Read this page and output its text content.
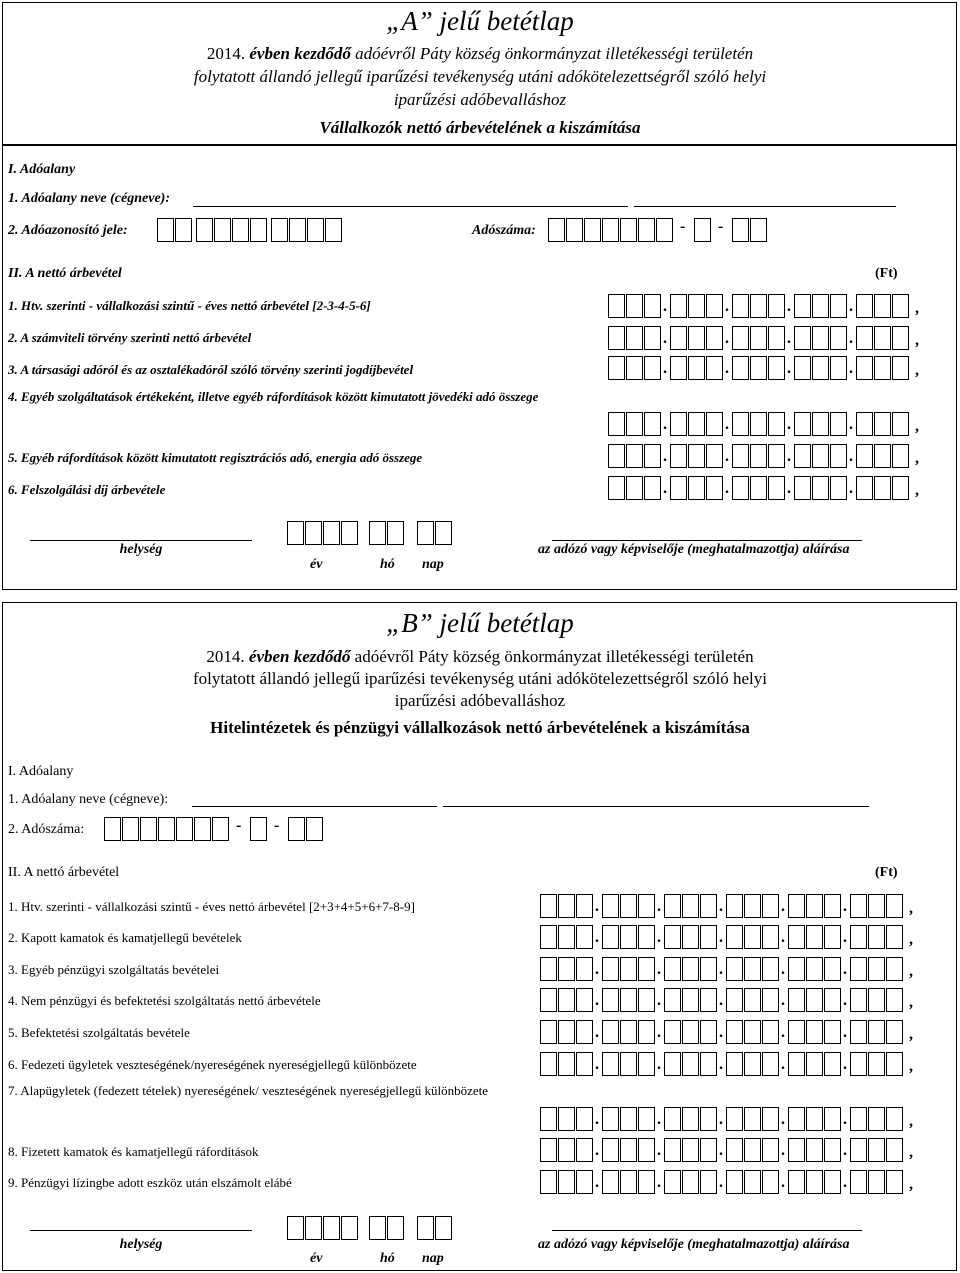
„A” jelű betétlap
2014. évben kezdődő adóévről Páty község önkormányzat illetékességi területén
folytatott állandó jellegű iparűzési tevékenység utáni adókötelezettségről szóló helyi
iparűzési adóbevalláshoz
Vállalkozók nettó árbevételének a kiszámítása
I. Adóalany
1. Adóalany neve (cégneve):
2. Adóazonosító jele:	Adószáma:	- -
II. A nettó árbevétel	(Ft)
1. Htv. szerinti - vállalkozási szintű - éves nettó árbevétel [2-3-4-5-6]	.	.	.	.	,
2. A számviteli törvény szerinti nettó árbevétel	.	.	.	.	,
3. A társasági adóról és az osztalékadóról szóló törvény szerinti jogdíjbevétel	.	.	.	.	,
4. Egyéb szolgáltatások értékeként, illetve egyéb ráfordítások között kimutatott jövedéki adó összege
.	.	.	.	,
5. Egyéb ráfordítások között kimutatott regisztrációs adó, energia adó összege	.	.	.	.	,
6. Felszolgálási díj árbevétele	.	.	.	.	,
helység
év	hó nap
az adózó vagy képviselője (meghatalmazottja) aláírása
„B” jelű betétlap
2014. évben kezdődő adóévről Páty község önkormányzat illetékességi területén
folytatott állandó jellegű iparűzési tevékenység utáni adókötelezettségről szóló helyi
iparűzési adóbevalláshoz
Hitelintézetek és pénzügyi vállalkozások nettó árbevételének a kiszámítása
I. Adóalany
1. Adóalany neve (cégneve):
2. Adószáma:	- -
II. A nettó árbevétel	(Ft)
1. Htv. szerinti - vállalkozási szintű - éves nettó árbevétel [2+3+4+5+6+7-8-9]	.	.	.	.	.	,
2. Kapott kamatok és kamatjellegű bevételek	.	.	.	.	.	,
3. Egyéb pénzügyi szolgáltatás bevételei	.	.	.	.	.	,
4. Nem pénzügyi és befektetési szolgáltatás nettó árbevétele	.	.	.	.	.	,
5. Befektetési szolgáltatás bevétele	.	.	.	.	.	,
6. Fedezeti ügyletek veszteségének/nyereségének nyereségjellegű különbözete	.	.	.	.	.	,
7. Alapügyletek (fedezett tételek) nyereségének/ veszteségének nyereségjellegű különbözete
.	.	.	.	.	,
8. Fizetett kamatok és kamatjellegű ráfordítások	.	.	.	.	.	,
9. Pénzügyi lízingbe adott eszköz után elszámolt elábé	.	.	.	.	.	,
helység
év	hó nap
az adózó vagy képviselője (meghatalmazottja) aláírása
